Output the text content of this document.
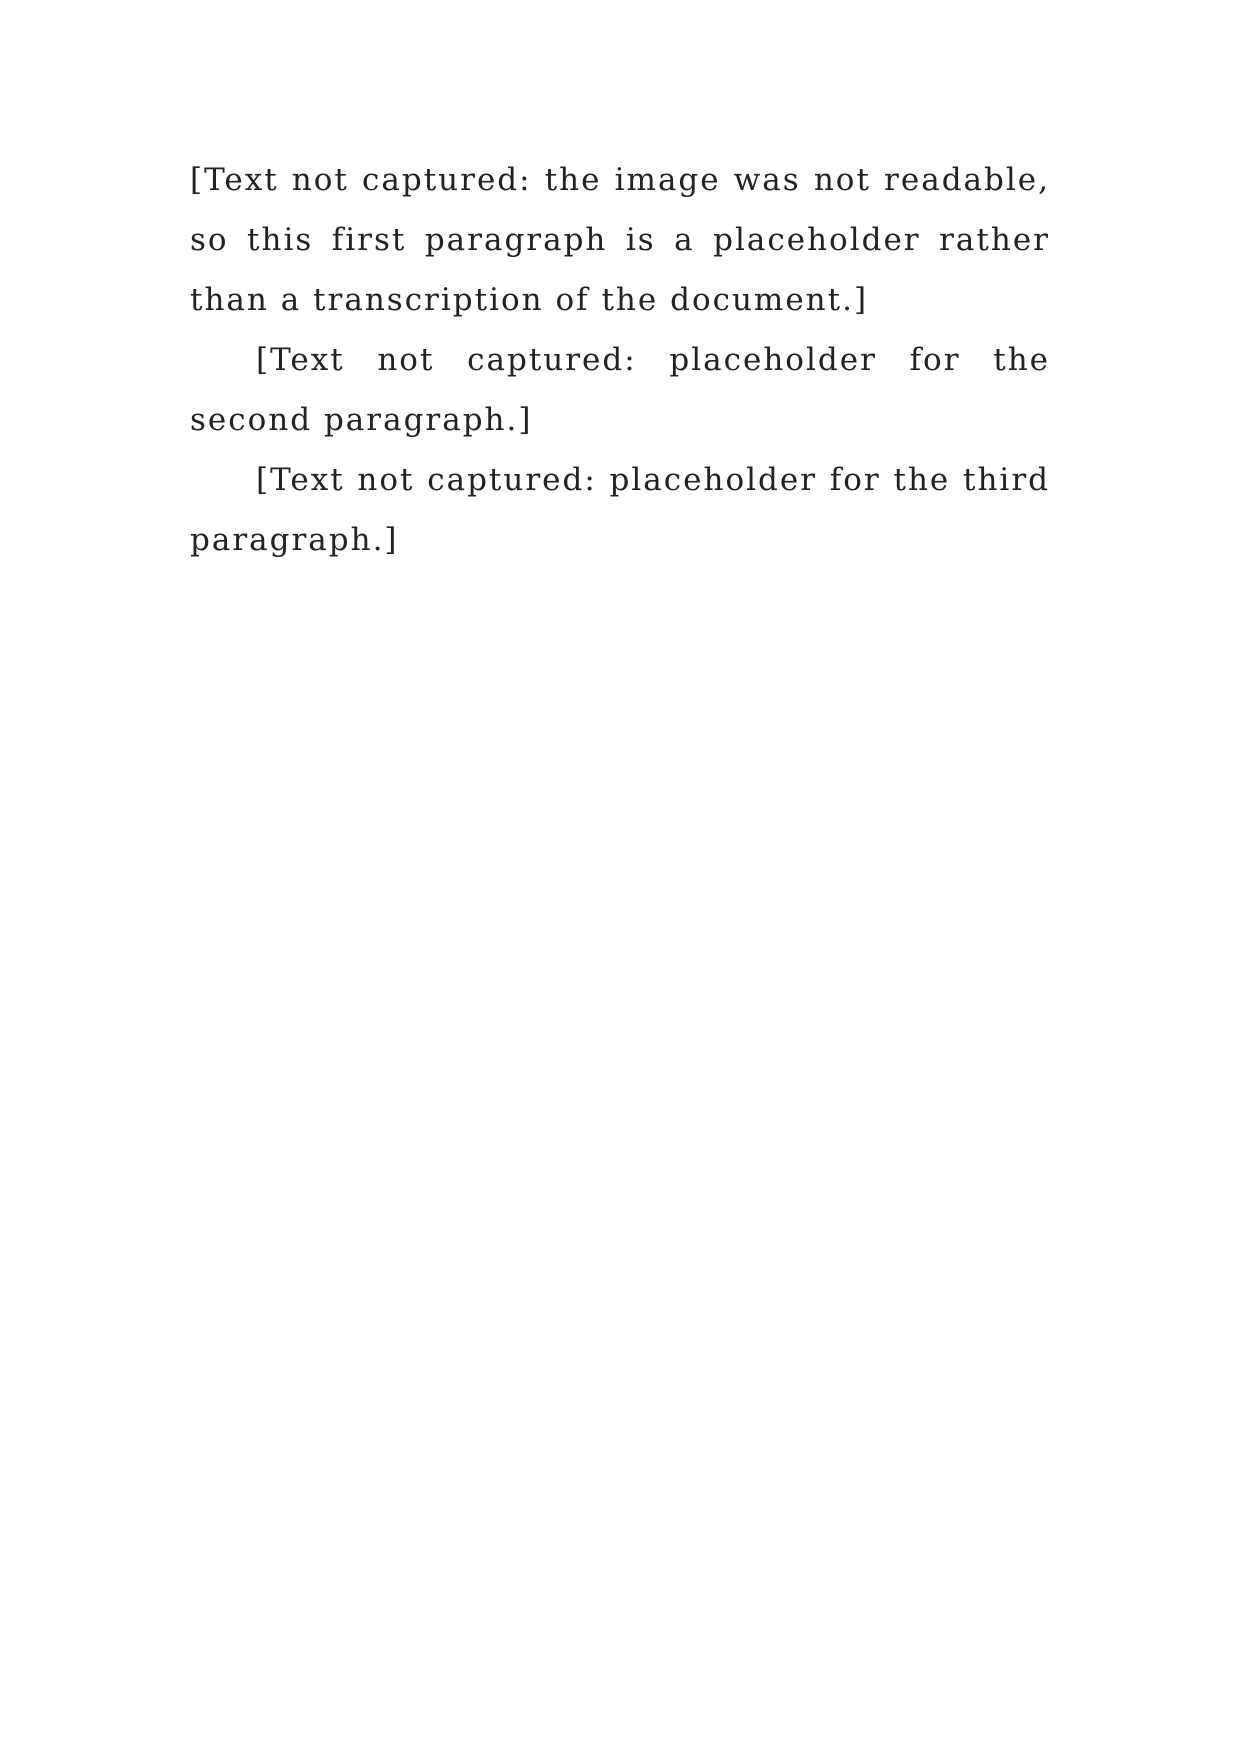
[Text not captured: the image was not readable, so this first paragraph is a placeholder rather than a transcription of the document.]

[Text not captured: placeholder for the second paragraph.]

[Text not captured: placeholder for the third paragraph.]
